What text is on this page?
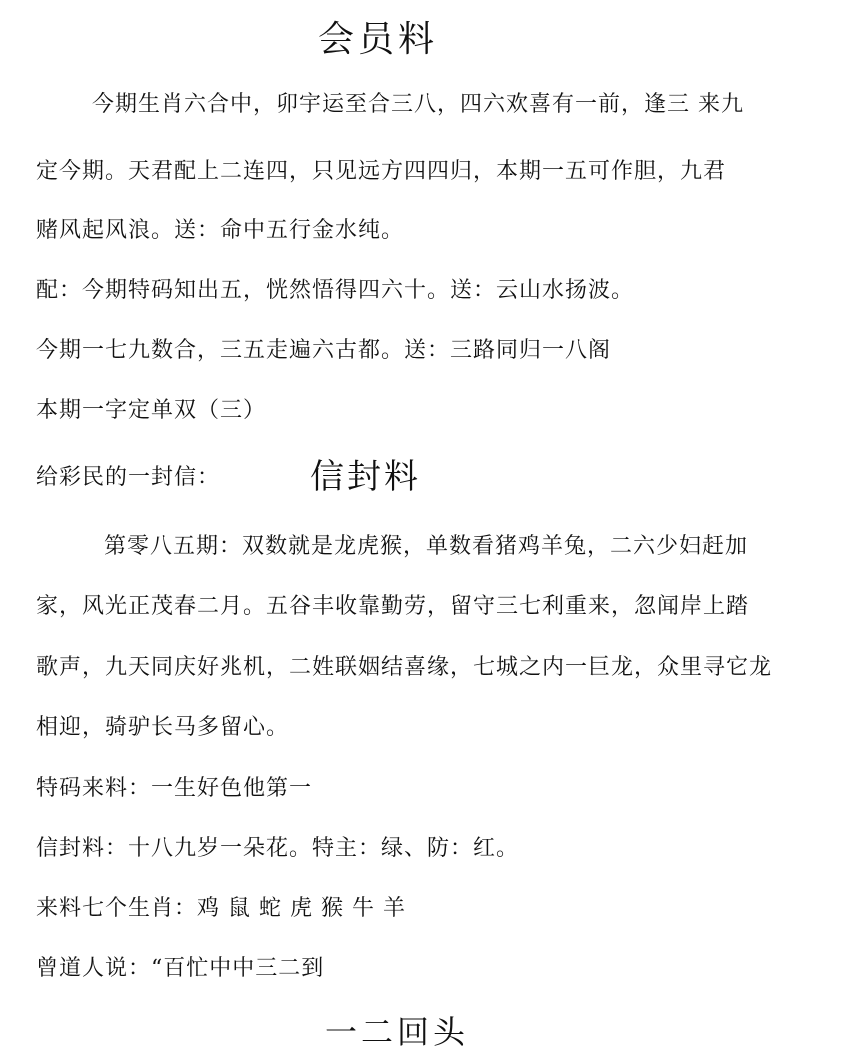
会员料
今期生肖六合中，卯宇运至合三八，四六欢喜有一前，逢三 来九
定今期。天君配上二连四，只见远方四四归，本期一五可作胆，九君
赌风起风浪。送：命中五行金水纯。
配：今期特码知出五，恍然悟得四六十。送：云山水扬波。
今期一七九数合，三五走遍六古都。送：三路同归一八阁
本期一字定单双（三）
给彩民的一封信：	信封料
第零八五期：双数就是龙虎猴，单数看猪鸡羊兔，二六少妇赶加
家，风光正茂春二月。五谷丰收靠勤劳，留守三七利重来，忽闻岸上踏
歌声，九天同庆好兆机，二姓联姻结喜缘，七城之内一巨龙，众里寻它龙
相迎，骑驴长马多留心。
特码来料：一生好色他第一
信封料：十八九岁一朵花。特主：绿、防：红。
来料七个生肖：鸡 鼠 蛇 虎 猴 牛 羊
曾道人说：“百忙中中三二到
一二回头
